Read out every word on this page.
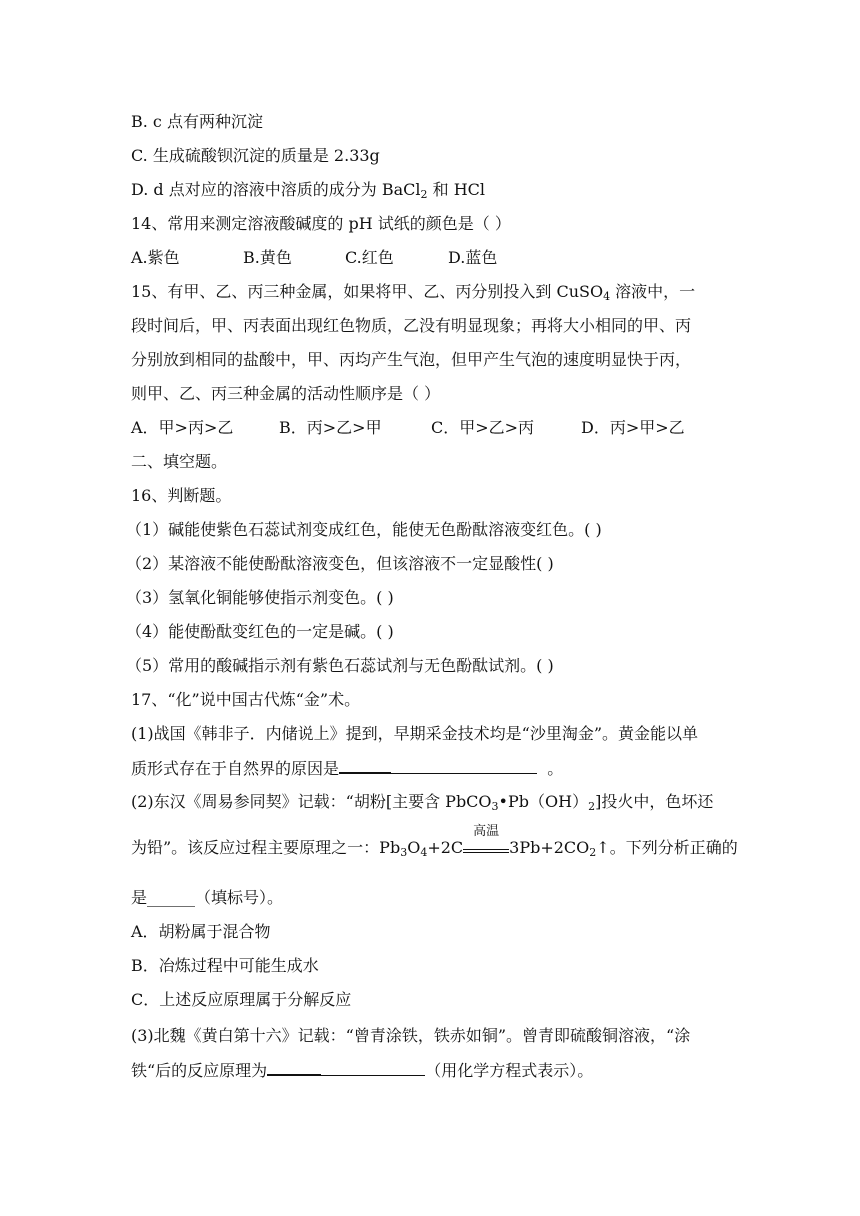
B. c 点有两种沉淀
C. 生成硫酸钡沉淀的质量是 2.33g
D. d 点对应的溶液中溶质的成分为 BaCl$_2$ 和 HCl
14、常用来测定溶液酸碱度的 pH 试纸的颜色是（ ）
A.紫色	B.黄色	C.红色	D.蓝色
15、有甲、乙、丙三种金属，如果将甲、乙、丙分别投入到 CuSO$_4$ 溶液中，一
段时间后，甲、丙表面出现红色物质，乙没有明显现象；再将大小相同的甲、丙
分别放到相同的盐酸中，甲、丙均产生气泡，但甲产生气泡的速度明显快于丙，
则甲、乙、丙三种金属的活动性顺序是（ ）
A．甲>丙>乙	B．丙>乙>甲	C．甲>乙>丙	D．丙>甲>乙
二、填空题。
16、判断题。
（1）碱能使紫色石蕊试剂变成红色，能使无色酚酞溶液变红色。( )
（2）某溶液不能使酚酞溶液变色，但该溶液不一定显酸性( )
（3）氢氧化铜能够使指示剂变色。( )
（4）能使酚酞变红色的一定是碱。( )
（5）常用的酸碱指示剂有紫色石蕊试剂与无色酚酞试剂。( )
17、“化”说中国古代炼“金”术。
(1)战国《韩非子．内储说上》提到，早期采金技术均是“沙里淘金”。黄金能以单
质形式存在于自然界的原因是	。
(2)东汉《周易参同契》记载：“胡粉[主要含 $PbCO_3•Pb(OH)_2$]投火中，色坏还
为铅”。该反应过程主要原理之一：$Pb_3O_4+2C$
高温
$3Pb+2CO_2↑$。下列分析正确的
是______（填标号）。
A．胡粉属于混合物
B．冶炼过程中可能生成水
C．上述反应原理属于分解反应
(3)北魏《黄白第十六》记载：“曾青涂铁，铁赤如铜”。曾青即硫酸铜溶液，“涂
铁“后的反应原理为	（用化学方程式表示）。
